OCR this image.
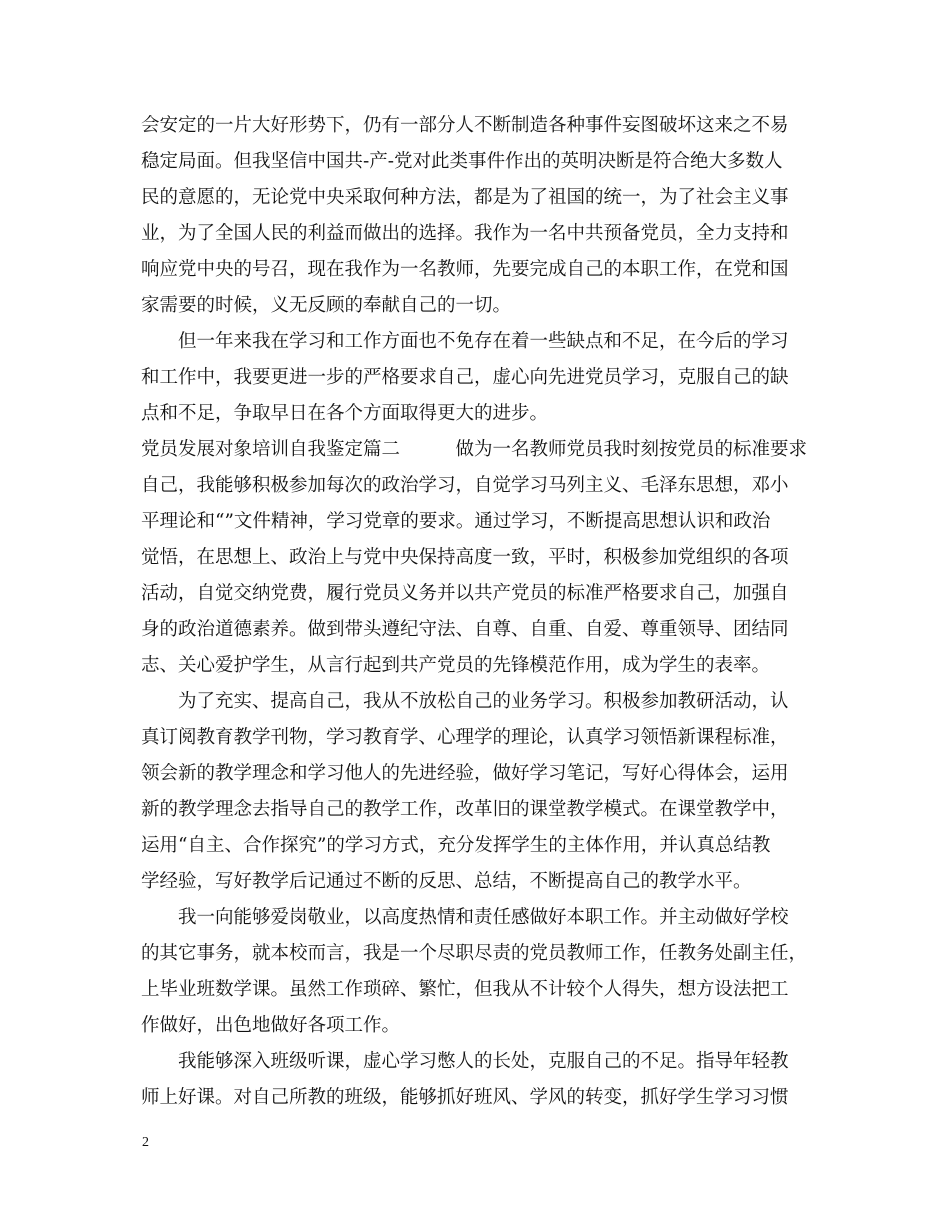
会安定的一片大好形势下，仍有一部分人不断制造各种事件妄图破坏这来之不易
稳定局面。但我坚信中国共-产-党对此类事件作出的英明决断是符合绝大多数人
民的意愿的，无论党中央采取何种方法，都是为了祖国的统一，为了社会主义事
业，为了全国人民的利益而做出的选择。我作为一名中共预备党员，全力支持和
响应党中央的号召，现在我作为一名教师，先要完成自己的本职工作，在党和国
家需要的时候，义无反顾的奉献自己的一切。
　　但一年来我在学习和工作方面也不免存在着一些缺点和不足，在今后的学习
和工作中，我要更进一步的严格要求自己，虚心向先进党员学习，克服自己的缺
点和不足，争取早日在各个方面取得更大的进步。
党员发展对象培训自我鉴定篇二　　　做为一名教师党员我时刻按党员的标准要求
自己，我能够积极参加每次的政治学习，自觉学习马列主义、毛泽东思想，邓小
平理论和“”文件精神，学习党章的要求。通过学习，不断提高思想认识和政治
觉悟，在思想上、政治上与党中央保持高度一致，平时，积极参加党组织的各项
活动，自觉交纳党费，履行党员义务并以共产党员的标准严格要求自己，加强自
身的政治道德素养。做到带头遵纪守法、自尊、自重、自爱、尊重领导、团结同
志、关心爱护学生，从言行起到共产党员的先锋模范作用，成为学生的表率。
　　为了充实、提高自己，我从不放松自己的业务学习。积极参加教研活动，认
真订阅教育教学刊物，学习教育学、心理学的理论，认真学习领悟新课程标准，
领会新的教学理念和学习他人的先进经验，做好学习笔记，写好心得体会，运用
新的教学理念去指导自己的教学工作，改革旧的课堂教学模式。在课堂教学中，
运用“自主、合作探究”的学习方式，充分发挥学生的主体作用，并认真总结教
学经验，写好教学后记通过不断的反思、总结，不断提高自己的教学水平。
　　我一向能够爱岗敬业，以高度热情和责任感做好本职工作。并主动做好学校
的其它事务，就本校而言，我是一个尽职尽责的党员教师工作，任教务处副主任，
上毕业班数学课。虽然工作琐碎、繁忙，但我从不计较个人得失，想方设法把工
作做好，出色地做好各项工作。
　　我能够深入班级听课，虚心学习憋人的长处，克服自己的不足。指导年轻教
师上好课。对自己所教的班级，能够抓好班风、学风的转变，抓好学生学习习惯
2
